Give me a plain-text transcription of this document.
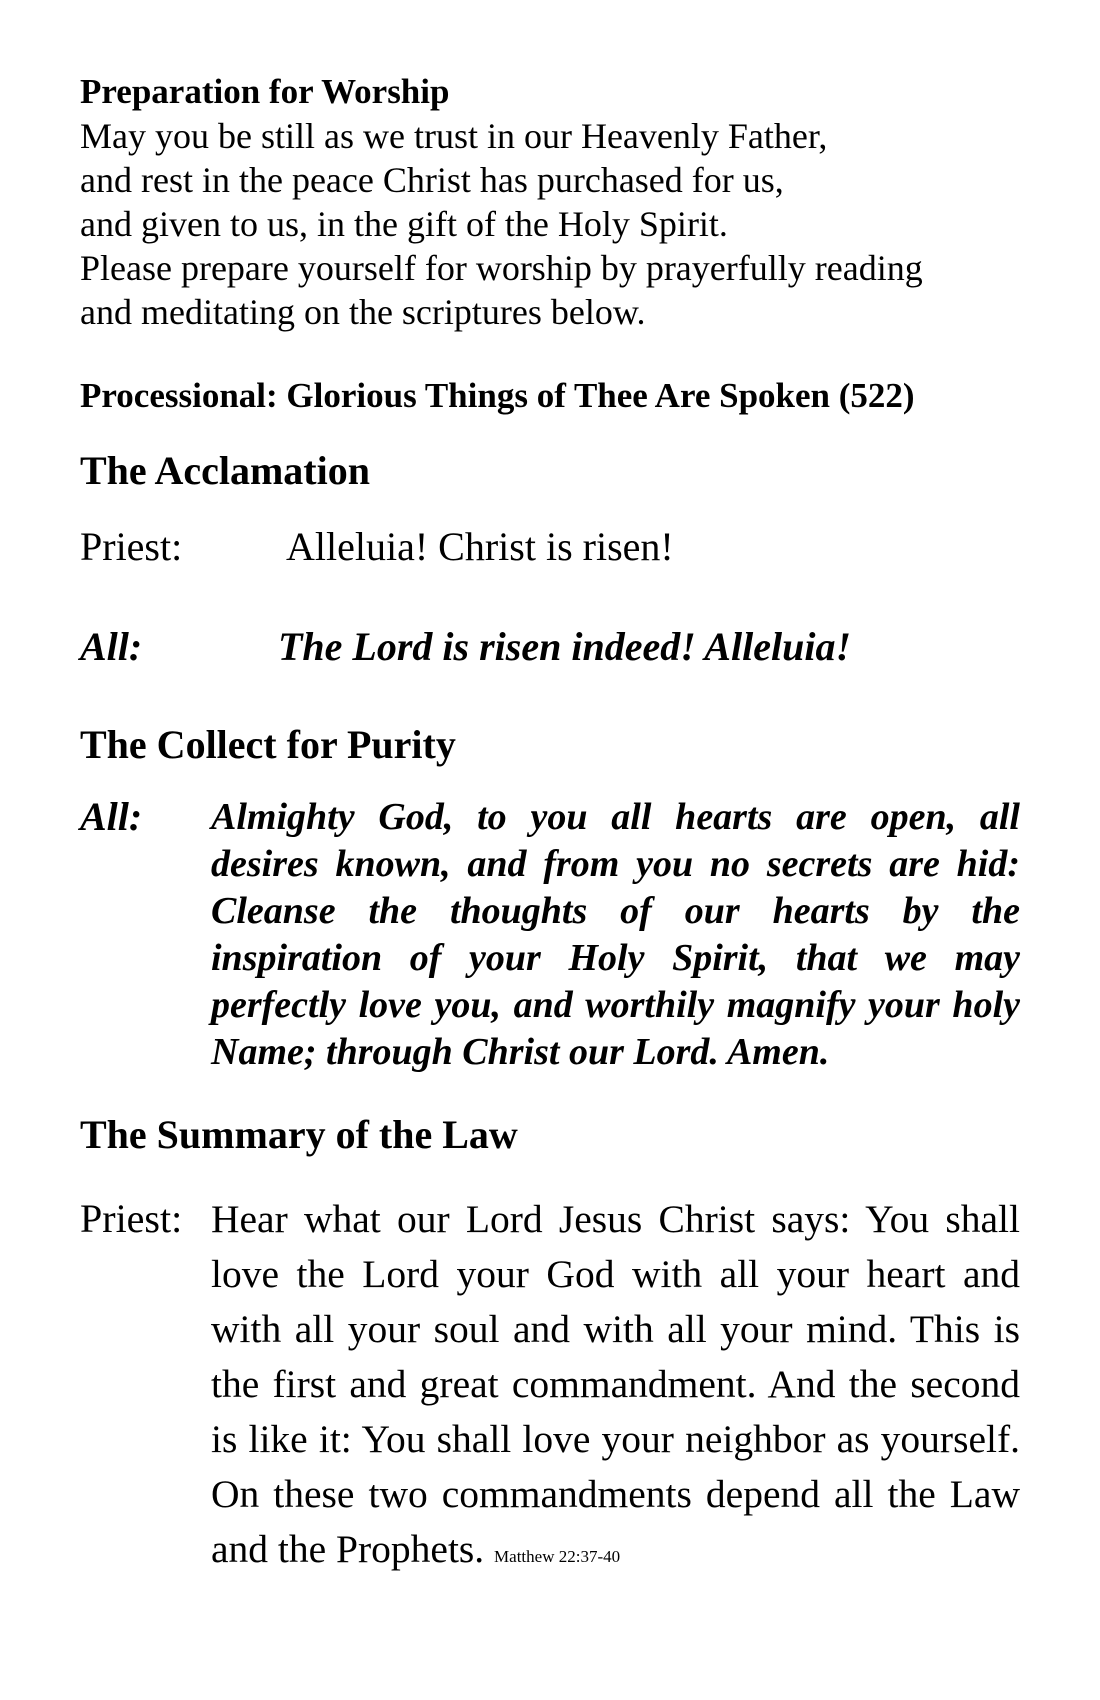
Preparation for Worship
May you be still as we trust in our Heavenly Father,
and rest in the peace Christ has purchased for us,
and given to us, in the gift of the Holy Spirit.
Please prepare yourself for worship by prayerfully reading
and meditating on the scriptures below.
Processional: Glorious Things of Thee Are Spoken (522)
The Acclamation
Priest:	Alleluia! Christ is risen!
All:	The Lord is risen indeed! Alleluia!
The Collect for Purity
All: Almighty God, to you all hearts are open, all desires known, and from you no secrets are hid: Cleanse the thoughts of our hearts by the inspiration of your Holy Spirit, that we may perfectly love you, and worthily magnify your holy Name; through Christ our Lord. Amen.

The Summary of the Law
Priest: Hear what our Lord Jesus Christ says: You shall love the Lord your God with all your heart and with all your soul and with all your mind. This is the first and great commandment. And the second is like it: You shall love your neighbor as yourself. On these two commandments depend all the Law and the Prophets. Matthew 22:37-40
